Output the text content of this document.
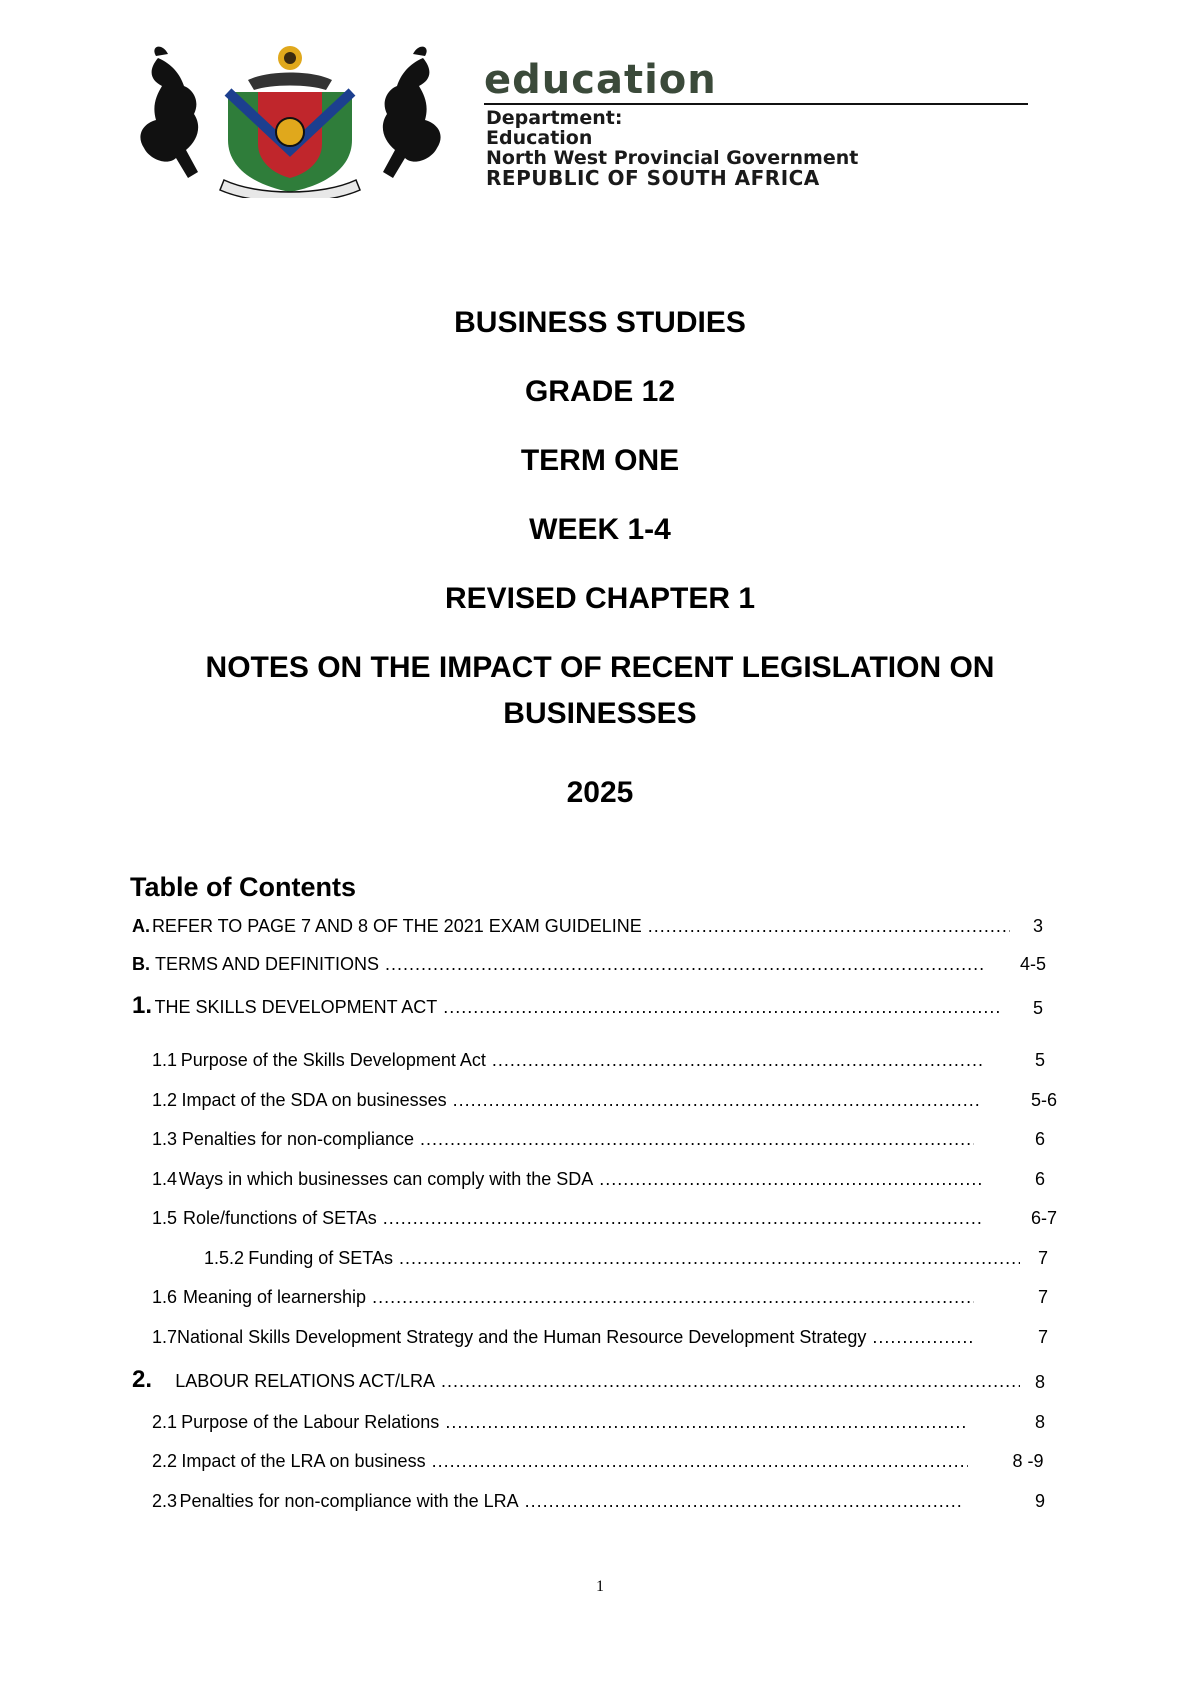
education
Department:
Education
North West Provincial Government
REPUBLIC OF SOUTH AFRICA
BUSINESS STUDIES
GRADE 12
TERM ONE
WEEK 1-4
REVISED CHAPTER 1
NOTES ON THE IMPACT OF RECENT LEGISLATION ON BUSINESSES
2025
Table of Contents
A. REFER TO PAGE 7 AND 8 OF THE 2021 EXAM GUIDELINE .....	3
B. TERMS AND DEFINITIONS .....	4-5
1. THE SKILLS DEVELOPMENT ACT .....	5
1.1 Purpose of the Skills Development Act .....	5
1.2 Impact of the SDA on businesses .....	5-6
1.3 Penalties for non-compliance .....	6
1.4 Ways in which businesses can comply with the SDA .....	6
1.5 Role/functions of SETAs .....	6-7
1.5.2 Funding of SETAs .....	7
1.6 Meaning of learnership .....	7
1.7 National Skills Development Strategy and the Human Resource Development Strategy .....	7
2.	LABOUR RELATIONS ACT/LRA .....	8
2.1 Purpose of the Labour Relations .....	8
2.2 Impact of the LRA on business .....	8 -9
2.3 Penalties for non-compliance with the LRA .....	9
1
